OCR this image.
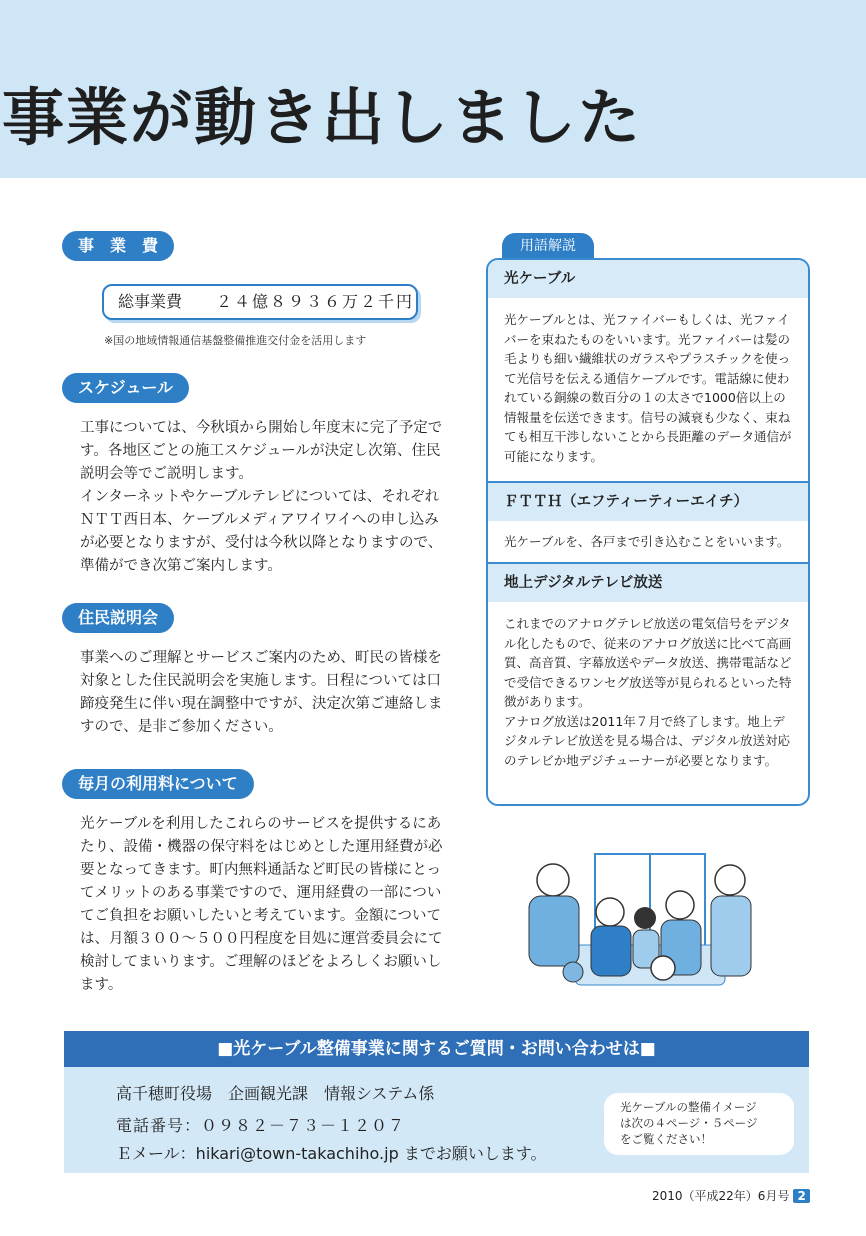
事業が動き出しました
事　業　費
総事業費 ２４億８９３６万２千円
※国の地域情報通信基盤整備推進交付金を活用します
スケジュール

工事については、今秋頃から開始し年度末に完了予定です。各地区ごとの施工スケジュールが決定し次第、住民説明会等でご説明します。
インターネットやケーブルテレビについては、それぞれＮＴＴ西日本、ケーブルメディアワイワイへの申し込みが必要となりますが、受付は今秋以降となりますので、準備ができ次第ご案内します。

住民説明会

事業へのご理解とサービスご案内のため、町民の皆様を対象とした住民説明会を実施します。日程については口蹄疫発生に伴い現在調整中ですが、決定次第ご連絡しますので、是非ご参加ください。

毎月の利用料について

光ケーブルを利用したこれらのサービスを提供するにあたり、設備・機器の保守料をはじめとした運用経費が必要となってきます。町内無料通話など町民の皆様にとってメリットのある事業ですので、運用経費の一部についてご負担をお願いしたいと考えています。金額については、月額３００～５００円程度を目処に運営委員会にて検討してまいります。ご理解のほどをよろしくお願いします。

用語解説
光ケーブル

光ケーブルとは、光ファイバーもしくは、光ファイバーを束ねたものをいいます。光ファイバーは髪の毛よりも細い繊維状のガラスやプラスチックを使って光信号を伝える通信ケーブルです。電話線に使われている銅線の数百分の１の太さで1000倍以上の情報量を伝送できます。信号の減衰も少なく、束ねても相互干渉しないことから長距離のデータ通信が可能になります。

ＦＴＴＨ（エフティーティーエイチ）

光ケーブルを、各戸まで引き込むことをいいます。

地上デジタルテレビ放送

これまでのアナログテレビ放送の電気信号をデジタル化したもので、従来のアナログ放送に比べて高画質、高音質、字幕放送やデータ放送、携帯電話などで受信できるワンセグ放送等が見られるといった特徴があります。
アナログ放送は2011年７月で終了します。地上デジタルテレビ放送を見る場合は、デジタル放送対応のテレビか地デジチューナーが必要となります。

■光ケーブル整備事業に関するご質問・お問い合わせは■
高千穂町役場　企画観光課　情報システム係
電話番号：０９８２－７３－１２０７
Ｅメール：hikari@town-takachiho.jp までお願いします。
光ケーブルの整備イメージ
は次の４ページ・５ページ
をご覧ください！
2010（平成22年）6月号 2
